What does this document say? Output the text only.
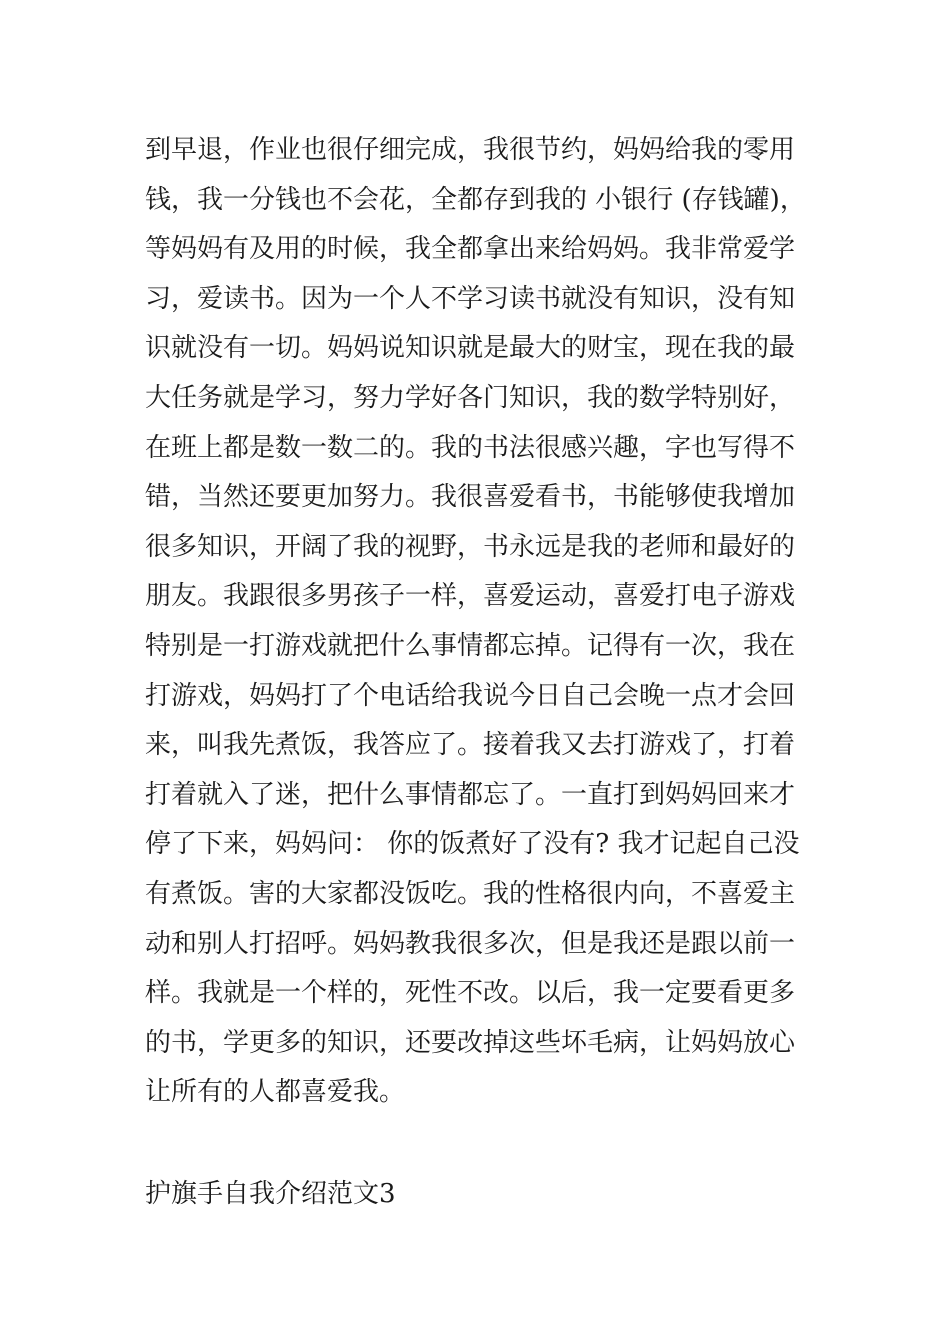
到早退，作业也很仔细完成，我很节约，妈妈给我的零用
钱，我一分钱也不会花，全都存到我的 小银行 (存钱罐)，
等妈妈有及用的时候，我全都拿出来给妈妈。我非常爱学
习，爱读书。因为一个人不学习读书就没有知识，没有知
识就没有一切。妈妈说知识就是最大的财宝，现在我的最
大任务就是学习，努力学好各门知识，我的数学特别好，
在班上都是数一数二的。我的书法很感兴趣，字也写得不
错，当然还要更加努力。我很喜爱看书，书能够使我增加
很多知识，开阔了我的视野，书永远是我的老师和最好的
朋友。我跟很多男孩子一样，喜爱运动，喜爱打电子游戏
特别是一打游戏就把什么事情都忘掉。记得有一次，我在
打游戏，妈妈打了个电话给我说今日自己会晚一点才会回
来，叫我先煮饭，我答应了。接着我又去打游戏了，打着
打着就入了迷，把什么事情都忘了。一直打到妈妈回来才
停了下来，妈妈问： 你的饭煮好了没有? 我才记起自己没
有煮饭。害的大家都没饭吃。我的性格很内向，不喜爱主
动和别人打招呼。妈妈教我很多次，但是我还是跟以前一
样。我就是一个样的，死性不改。以后，我一定要看更多
的书，学更多的知识，还要改掉这些坏毛病，让妈妈放心
让所有的人都喜爱我。
护旗手自我介绍范文3
